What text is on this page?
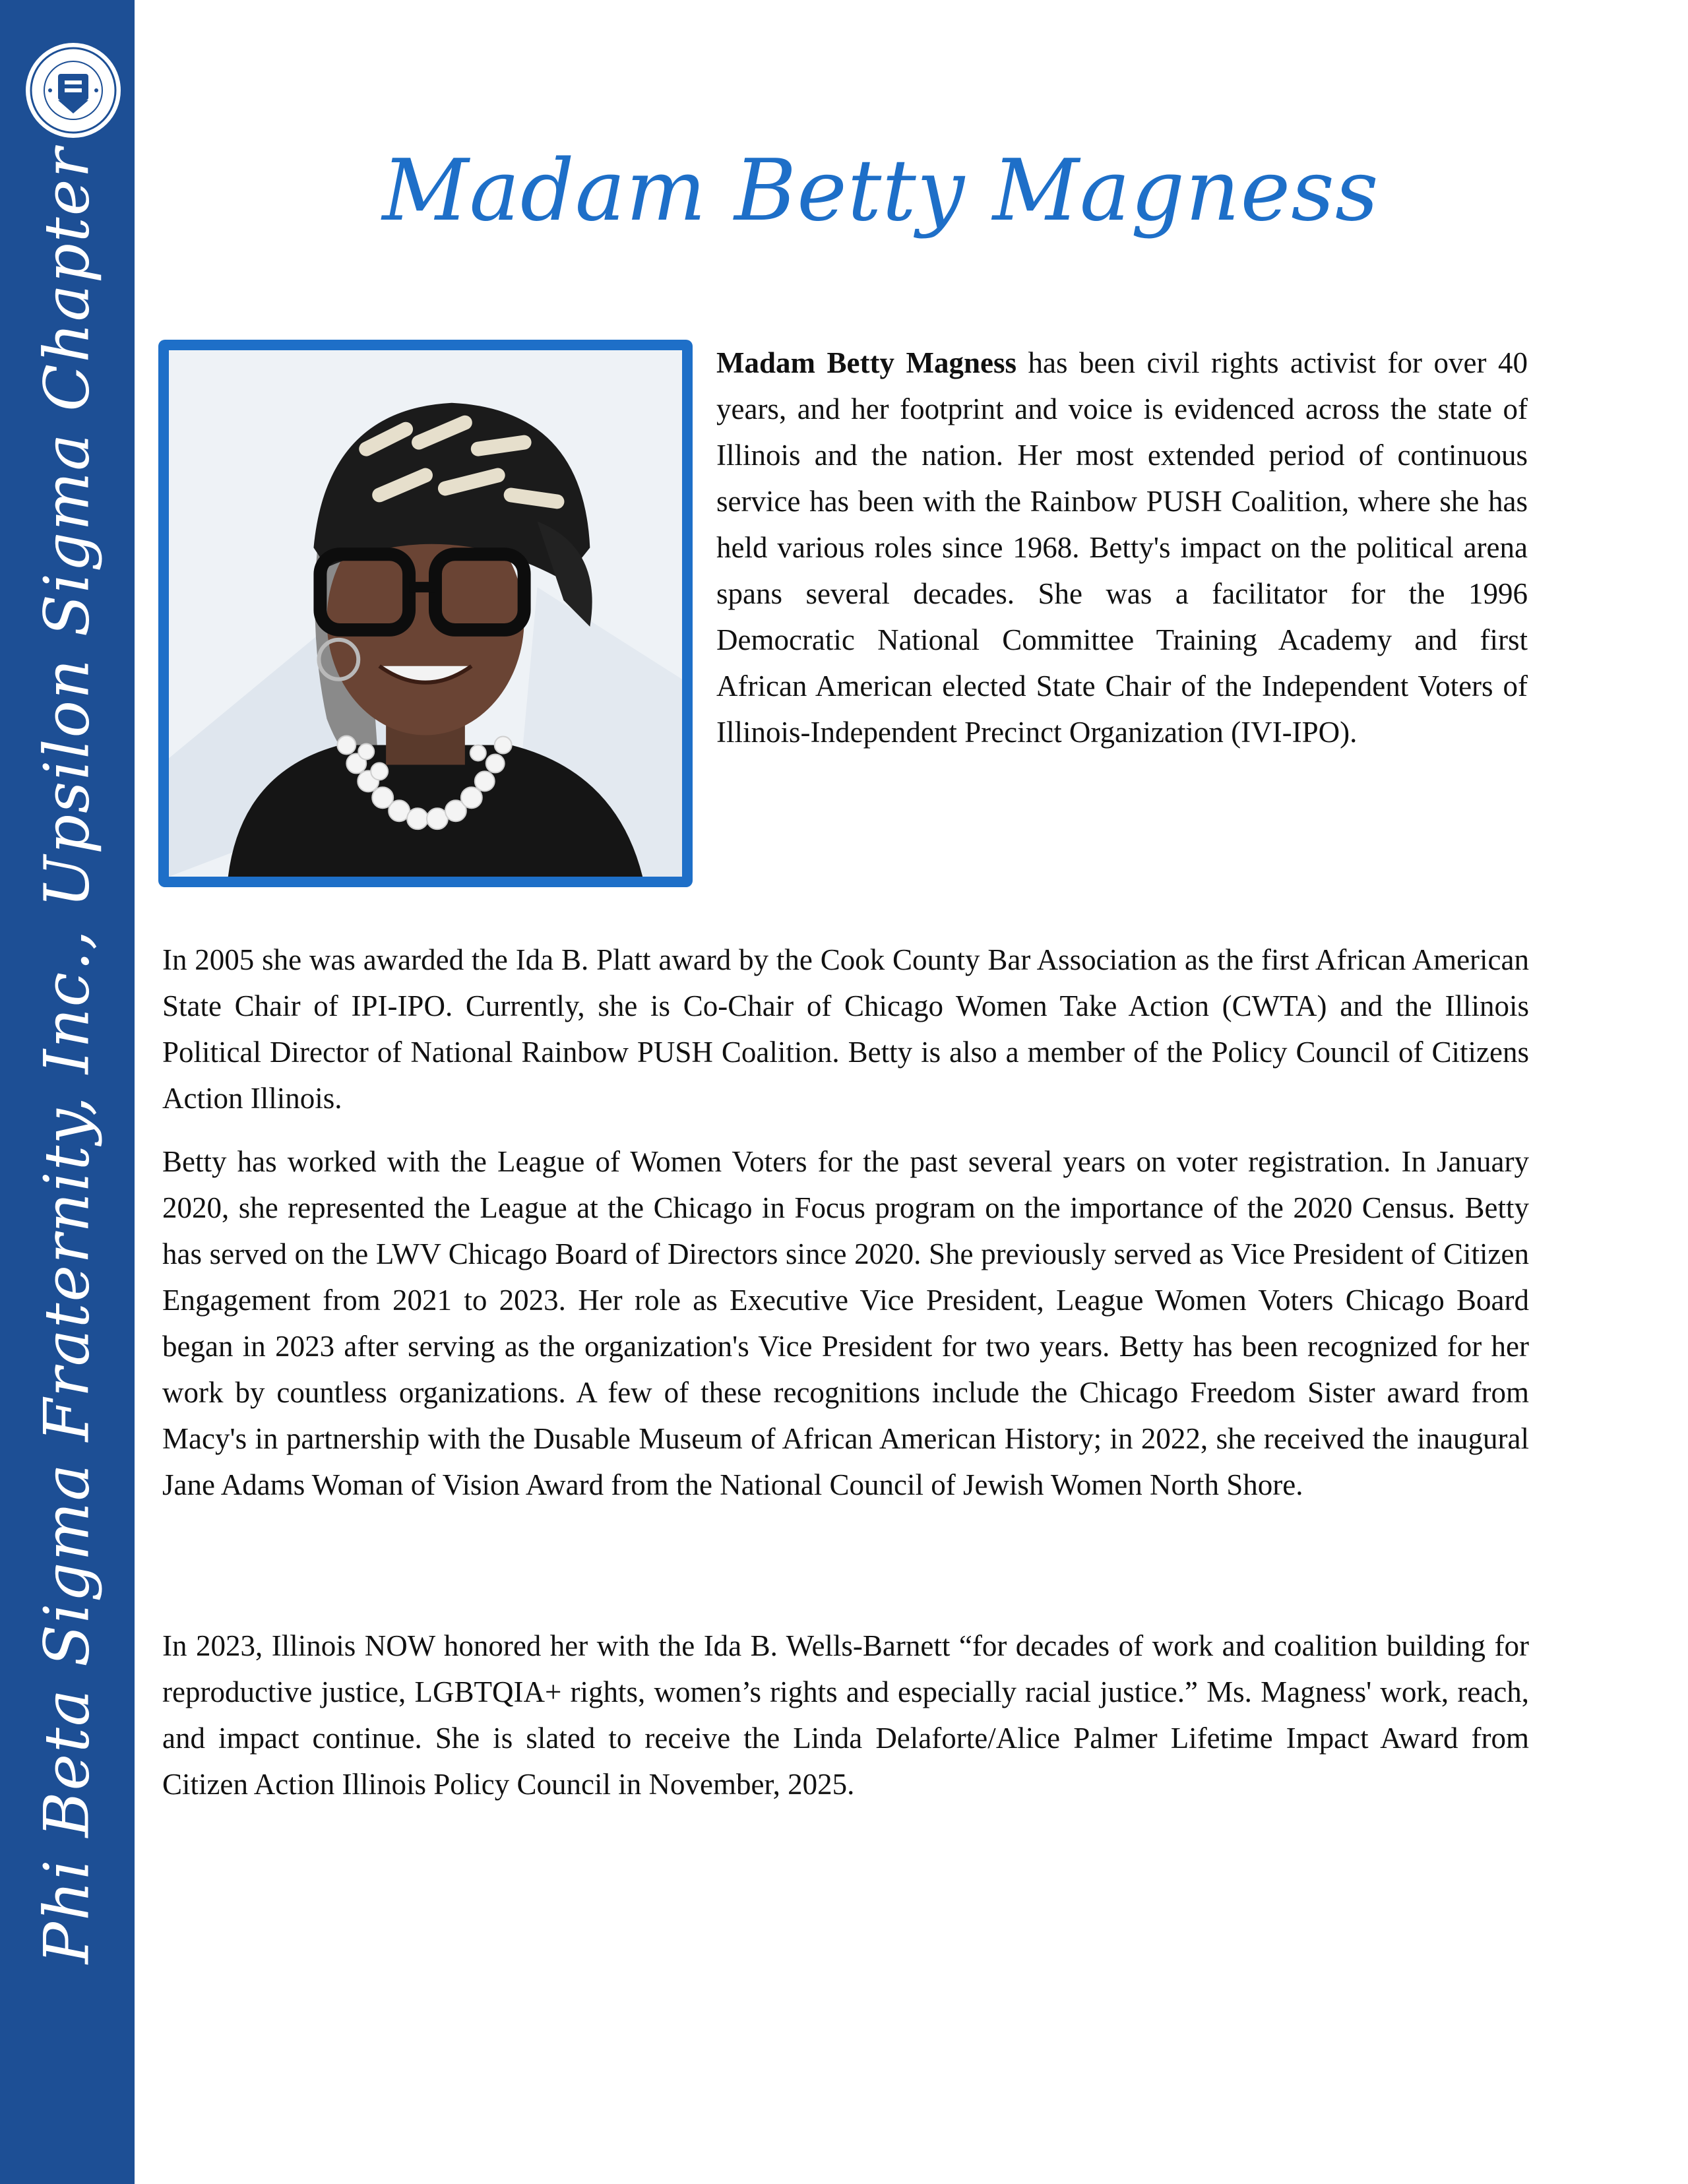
Phi Beta Sigma Fraternity, Inc., Upsilon Sigma Chapter	Madam Betty Magness

Madam Betty Magness has been civil rights activist for over 40 years, and her footprint and voice is evidenced across the state of Illinois and the nation. Her most extended period of continuous service has been with the Rainbow PUSH Coalition, where she has held various roles since 1968. Betty's impact on the political arena spans several decades. She was a facilitator for the 1996 Democratic National Committee Training Academy and first African American elected State Chair of the Independent Voters of Illinois-Independent Precinct Organization (IVI-IPO).

In 2005 she was awarded the Ida B. Platt award by the Cook County Bar Association as the first African American State Chair of IPI-IPO. Currently, she is Co-Chair of Chicago Women Take Action (CWTA) and the Illinois Political Director of National Rainbow PUSH Coalition. Betty is also a member of the Policy Council of Citizens Action Illinois.

Betty has worked with the League of Women Voters for the past several years on voter registration. In January 2020, she represented the League at the Chicago in Focus program on the importance of the 2020 Census. Betty has served on the LWV Chicago Board of Directors since 2020. She previously served as Vice President of Citizen Engagement from 2021 to 2023. Her role as Executive Vice President, League Women Voters Chicago Board began in 2023 after serving as the organization's Vice President for two years. Betty has been recognized for her work by countless organizations. A few of these recognitions include the Chicago Freedom Sister award from Macy's in partnership with the Dusable Museum of African American History; in 2022, she received the inaugural Jane Adams Woman of Vision Award from the National Council of Jewish Women North Shore.

In 2023, Illinois NOW honored her with the Ida B. Wells-Barnett “for decades of work and coalition building for reproductive justice, LGBTQIA+ rights, women’s rights and especially racial justice.” Ms. Magness' work, reach, and impact continue. She is slated to receive the Linda Delaforte/Alice Palmer Lifetime Impact Award from Citizen Action Illinois Policy Council in November, 2025.
